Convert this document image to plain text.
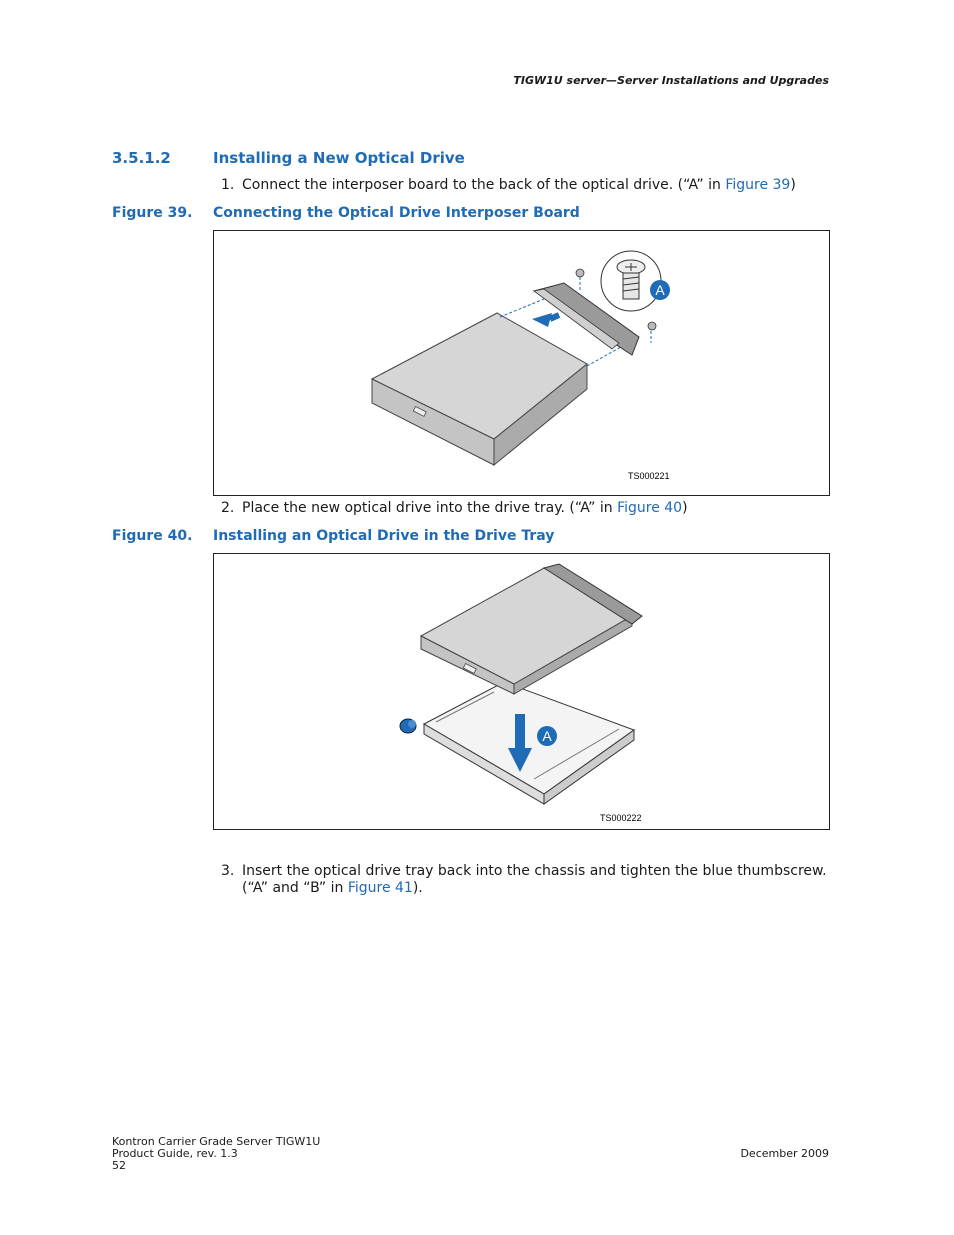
TIGW1U server—Server Installations and Upgrades
3.5.1.2	Installing a New Optical Drive
1. Connect the interposer board to the back of the optical drive. (“A” in Figure 39)
Figure 39. Connecting the Optical Drive Interposer Board
A
TS000221
2. Place the new optical drive into the drive tray. (“A” in Figure 40)
Figure 40. Installing an Optical Drive in the Drive Tray
A
TS000222
3. Insert the optical drive tray back into the chassis and tighten the blue thumbscrew.
(“A” and “B” in Figure 41).
Kontron Carrier Grade Server TIGW1U
Product Guide, rev. 1.3
52
December 2009
